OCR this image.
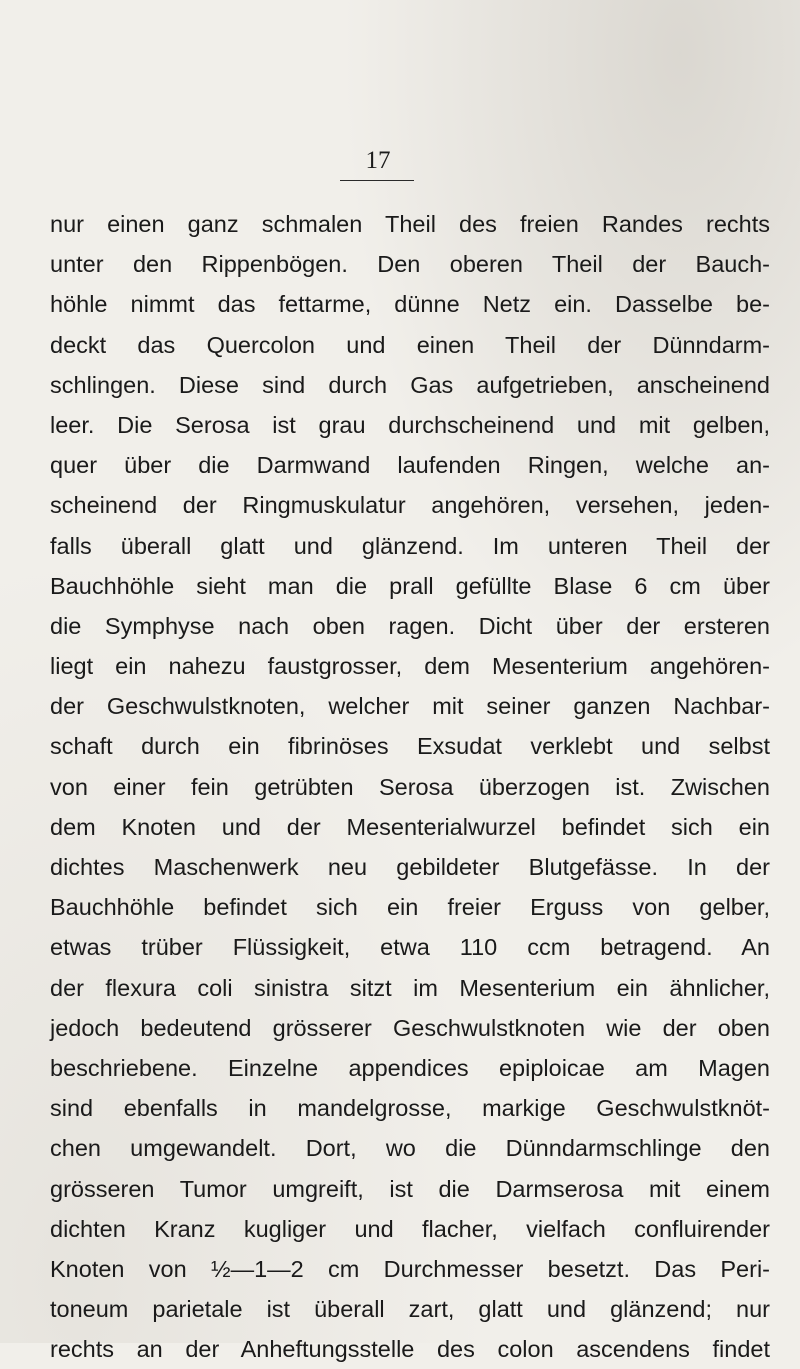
17
nur einen ganz schmalen Theil des freien Randes rechts
unter den Rippenbögen. Den oberen Theil der Bauch-
höhle nimmt das fettarme, dünne Netz ein. Dasselbe be-
deckt das Quercolon und einen Theil der Dünndarm-
schlingen. Diese sind durch Gas aufgetrieben, anscheinend
leer. Die Serosa ist grau durchscheinend und mit gelben,
quer über die Darmwand laufenden Ringen, welche an-
scheinend der Ringmuskulatur angehören, versehen, jeden-
falls überall glatt und glänzend. Im unteren Theil der
Bauchhöhle sieht man die prall gefüllte Blase 6 cm über
die Symphyse nach oben ragen. Dicht über der ersteren
liegt ein nahezu faustgrosser, dem Mesenterium angehören-
der Geschwulstknoten, welcher mit seiner ganzen Nachbar-
schaft durch ein fibrinöses Exsudat verklebt und selbst
von einer fein getrübten Serosa überzogen ist. Zwischen
dem Knoten und der Mesenterialwurzel befindet sich ein
dichtes Maschenwerk neu gebildeter Blutgefässe. In der
Bauchhöhle befindet sich ein freier Erguss von gelber,
etwas trüber Flüssigkeit, etwa 110 ccm betragend. An
der flexura coli sinistra sitzt im Mesenterium ein ähnlicher,
jedoch bedeutend grösserer Geschwulstknoten wie der oben
beschriebene. Einzelne appendices epiploicae am Magen
sind ebenfalls in mandelgrosse, markige Geschwulstknöt-
chen umgewandelt. Dort, wo die Dünndarmschlinge den
grösseren Tumor umgreift, ist die Darmserosa mit einem
dichten Kranz kugliger und flacher, vielfach confluirender
Knoten von ½—1—2 cm Durchmesser besetzt. Das Peri-
toneum parietale ist überall zart, glatt und glänzend; nur
rechts an der Anheftungsstelle des colon ascendens findet
